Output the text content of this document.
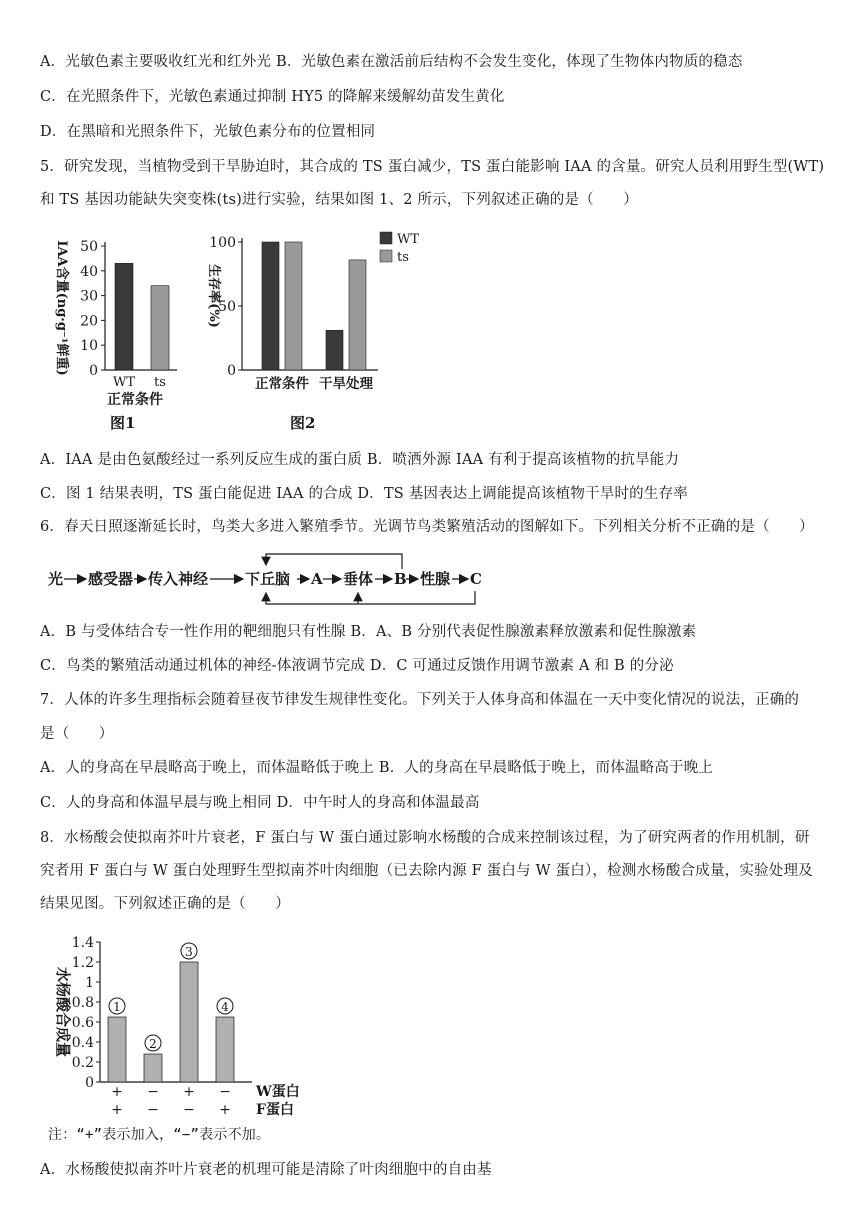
A．光敏色素主要吸收红光和红外光 B．光敏色素在激活前后结构不会发生变化，体现了生物体内物质的稳态
C．在光照条件下，光敏色素通过抑制 HY5 的降解来缓解幼苗发生黄化
D．在黑暗和光照条件下，光敏色素分布的位置相同
5．研究发现，当植物受到干旱胁迫时，其合成的 TS 蛋白减少，TS 蛋白能影响 IAA 的含量。研究人员利用野生型(WT)
和 TS 基因功能缺失突变株(ts)进行实验，结果如图 1、2 所示，下列叙述正确的是（　　）
0
10
20
30
40
50
WT ts
正常条件
IAA含量(ng·g⁻¹鲜重)
图1
0
50
100
正常条件 干旱处理
WT
ts
生存率(%)
图2
A．IAA 是由色氨酸经过一系列反应生成的蛋白质 B．喷洒外源 IAA 有利于提高该植物的抗旱能力
C．图 1 结果表明，TS 蛋白能促进 IAA 的合成 D．TS 基因表达上调能提高该植物干旱时的生存率
6．春天日照逐渐延长时，鸟类大多进入繁殖季节。光调节鸟类繁殖活动的图解如下。下列相关分析不正确的是（　　）
光 感受器 传入神经 下丘脑 A 垂体 B 性腺 C
A．B 与受体结合专一性作用的靶细胞只有性腺 B．A、B 分别代表促性腺激素释放激素和促性腺激素
C．鸟类的繁殖活动通过机体的神经-体液调节完成 D．C 可通过反馈作用调节激素 A 和 B 的分泌
7．人体的许多生理指标会随着昼夜节律发生规律性变化。下列关于人体身高和体温在一天中变化情况的说法，正确的
是（　　）
A．人的身高在早晨略高于晚上，而体温略低于晚上 B．人的身高在早晨略低于晚上，而体温略高于晚上
C．人的身高和体温早晨与晚上相同 D．中午时人的身高和体温最高
8．水杨酸会使拟南芥叶片衰老，F 蛋白与 W 蛋白通过影响水杨酸的合成来控制该过程，为了研究两者的作用机制，研
究者用 F 蛋白与 W 蛋白处理野生型拟南芥叶肉细胞（已去除内源 F 蛋白与 W 蛋白），检测水杨酸合成量，实验处理及
结果见图。下列叙述正确的是（　　）
0
0.2
0.4
0.6
0.8
1
1.2
1.4
1
+
+
2
−
−
3
+
−
4
−
+
W蛋白
F蛋白
水杨酸合成量
注：“+”表示加入，“−”表示不加。
A．水杨酸使拟南芥叶片衰老的机理可能是清除了叶肉细胞中的自由基
